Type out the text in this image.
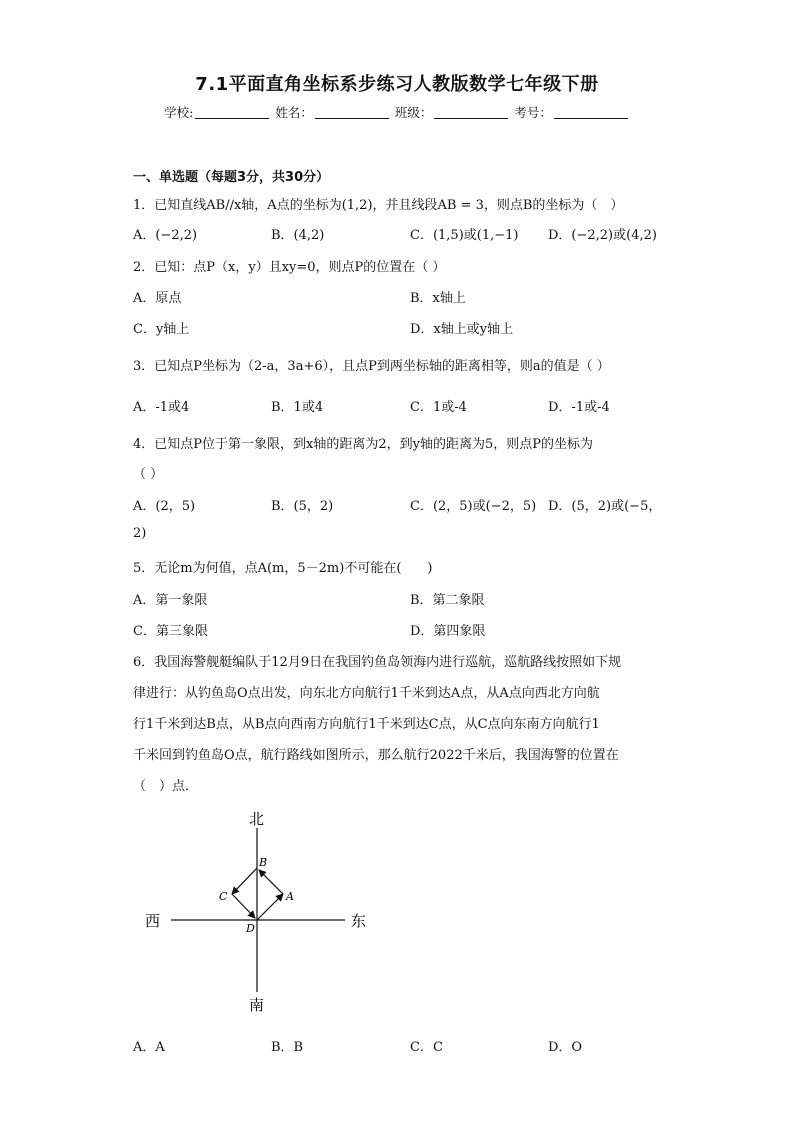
7.1平面直角坐标系步练习人教版数学七年级下册
学校:	姓名：	班级：	考号：
一、单选题（每题3分，共30分）
1．已知直线AB//x轴，A点的坐标为(1,2)，并且线段AB = 3，则点B的坐标为（　）
A．(−2,2)	B．(4,2)	C．(1,5)或(1,−1) D．(−2,2)或(4,2)
2．已知：点P（x，y）且xy=0，则点P的位置在（ ）
A．原点	B．x轴上
C．y轴上	D．x轴上或y轴上
3．已知点P坐标为（2-a，3a+6），且点P到两坐标轴的距离相等，则a的值是（ ）
A．-1或4	B．1或4	C．1或-4	D．-1或-4
4．已知点P位于第一象限，到x轴的距离为2，到y轴的距离为5，则点P的坐标为
（ ）
A．(2，5)	B．(5，2)	C．(2，5)或(−2，5) D．(5，2)或(−5，
2)
5．无论m为何值，点A(m，5－2m)不可能在(　　)
A．第一象限	B．第二象限
C．第三象限	D．第四象限
6．我国海警舰艇编队于12月9日在我国钓鱼岛领海内进行巡航，巡航路线按照如下规
律进行：从钓鱼岛O点出发，向东北方向航行1千米到达A点，从A点向西北方向航
行1千米到达B点，从B点向西南方向航行1千米到达C点，从C点向东南方向航行1
千米回到钓鱼岛O点，航行路线如图所示，那么航行2022千米后，我国海警的位置在
（　）点．
北
南
西	东
B
C	A
D
A．A	B．B	C．C	D．O
